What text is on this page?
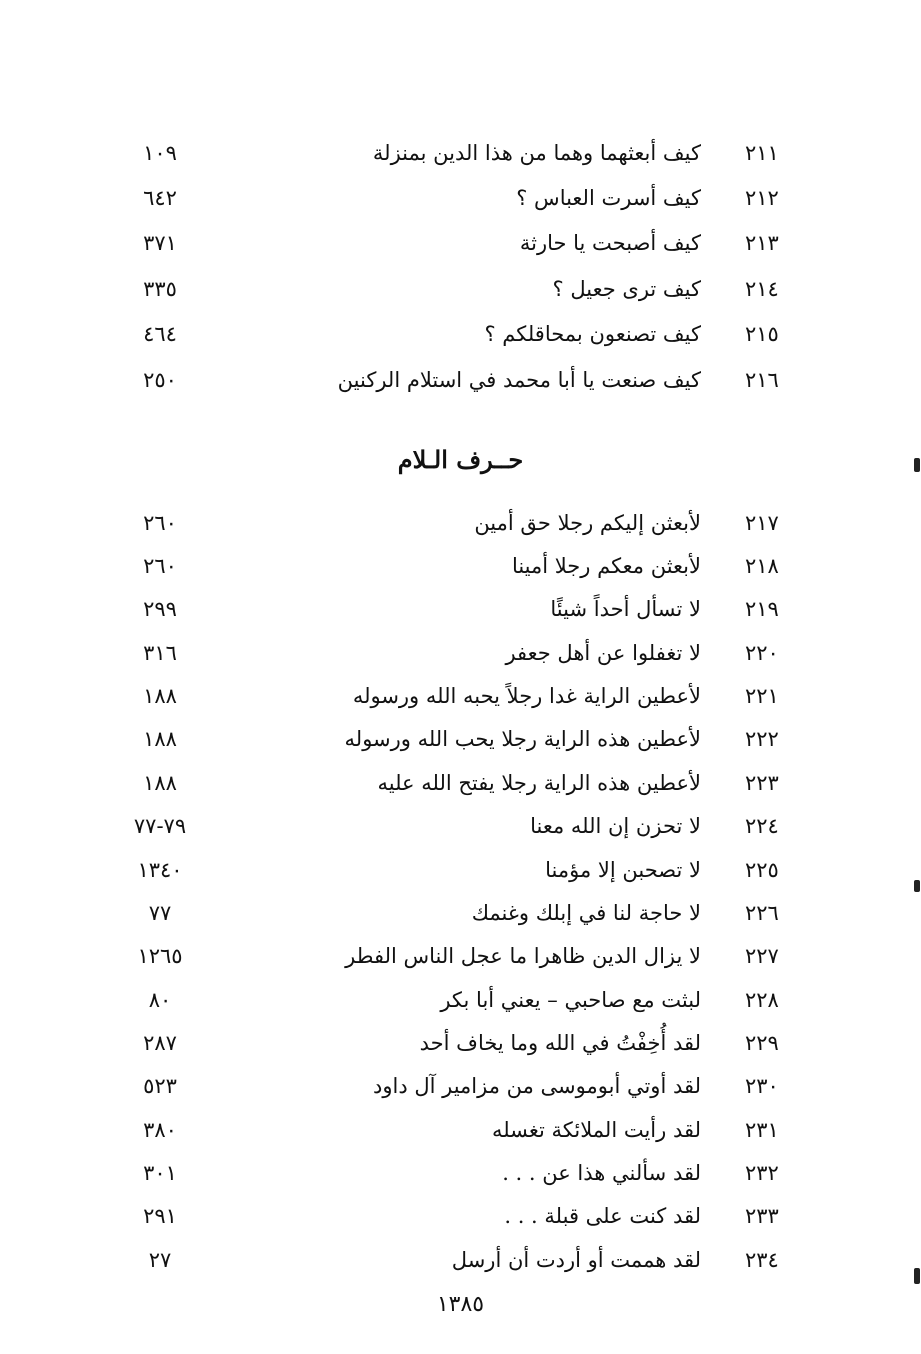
٢١١
كيف أبعثهما وهما من هذا الدين بمنزلة
١٠٩
٢١٢
كيف أسرت العباس ؟
٦٤٢
٢١٣
كيف أصبحت يا حارثة
٣٧١
٢١٤
كيف ترى جعيل ؟
٣٣٥
٢١٥
كيف تصنعون بمحاقلكم ؟
٤٦٤
٢١٦
كيف صنعت يا أبا محمد في استلام الركنين
٢٥٠
حــرف الـلام
٢١٧
لأبعثن إليكم رجلا حق أمين
٢٦٠
٢١٨
لأبعثن معكم رجلا أمينا
٢٦٠
٢١٩
لا تسأل أحداً شيئًا
٢٩٩
٢٢٠
لا تغفلوا عن أهل جعفر
٣١٦
٢٢١
لأعطين الراية غدا رجلاً يحبه الله ورسوله
١٨٨
٢٢٢
لأعطين هذه الراية رجلا يحب الله ورسوله
١٨٨
٢٢٣
لأعطين هذه الراية رجلا يفتح الله عليه
١٨٨
٢٢٤
لا تحزن إن الله معنا
٧٩-٧٧
٢٢٥
لا تصحبن إلا مؤمنا
١٣٤٠
٢٢٦
لا حاجة لنا في إبلك وغنمك
٧٧
٢٢٧
لا يزال الدين ظاهرا ما عجل الناس الفطر
١٢٦٥
٢٢٨
لبثت مع صاحبي – يعني أبا بكر
٨٠
٢٢٩
لقد أُخِفْتُ في الله وما يخاف أحد
٢٨٧
٢٣٠
لقد أوتي أبوموسى من مزامير آل داود
٥٢٣
٢٣١
لقد رأيت الملائكة تغسله
٣٨٠
٢٣٢
لقد سألني هذا عن . . .
٣٠١
٢٣٣
لقد كنت على قبلة . . .
٢٩١
٢٣٤
لقد هممت أو أردت أن أرسل
٢٧
١٣٨٥
